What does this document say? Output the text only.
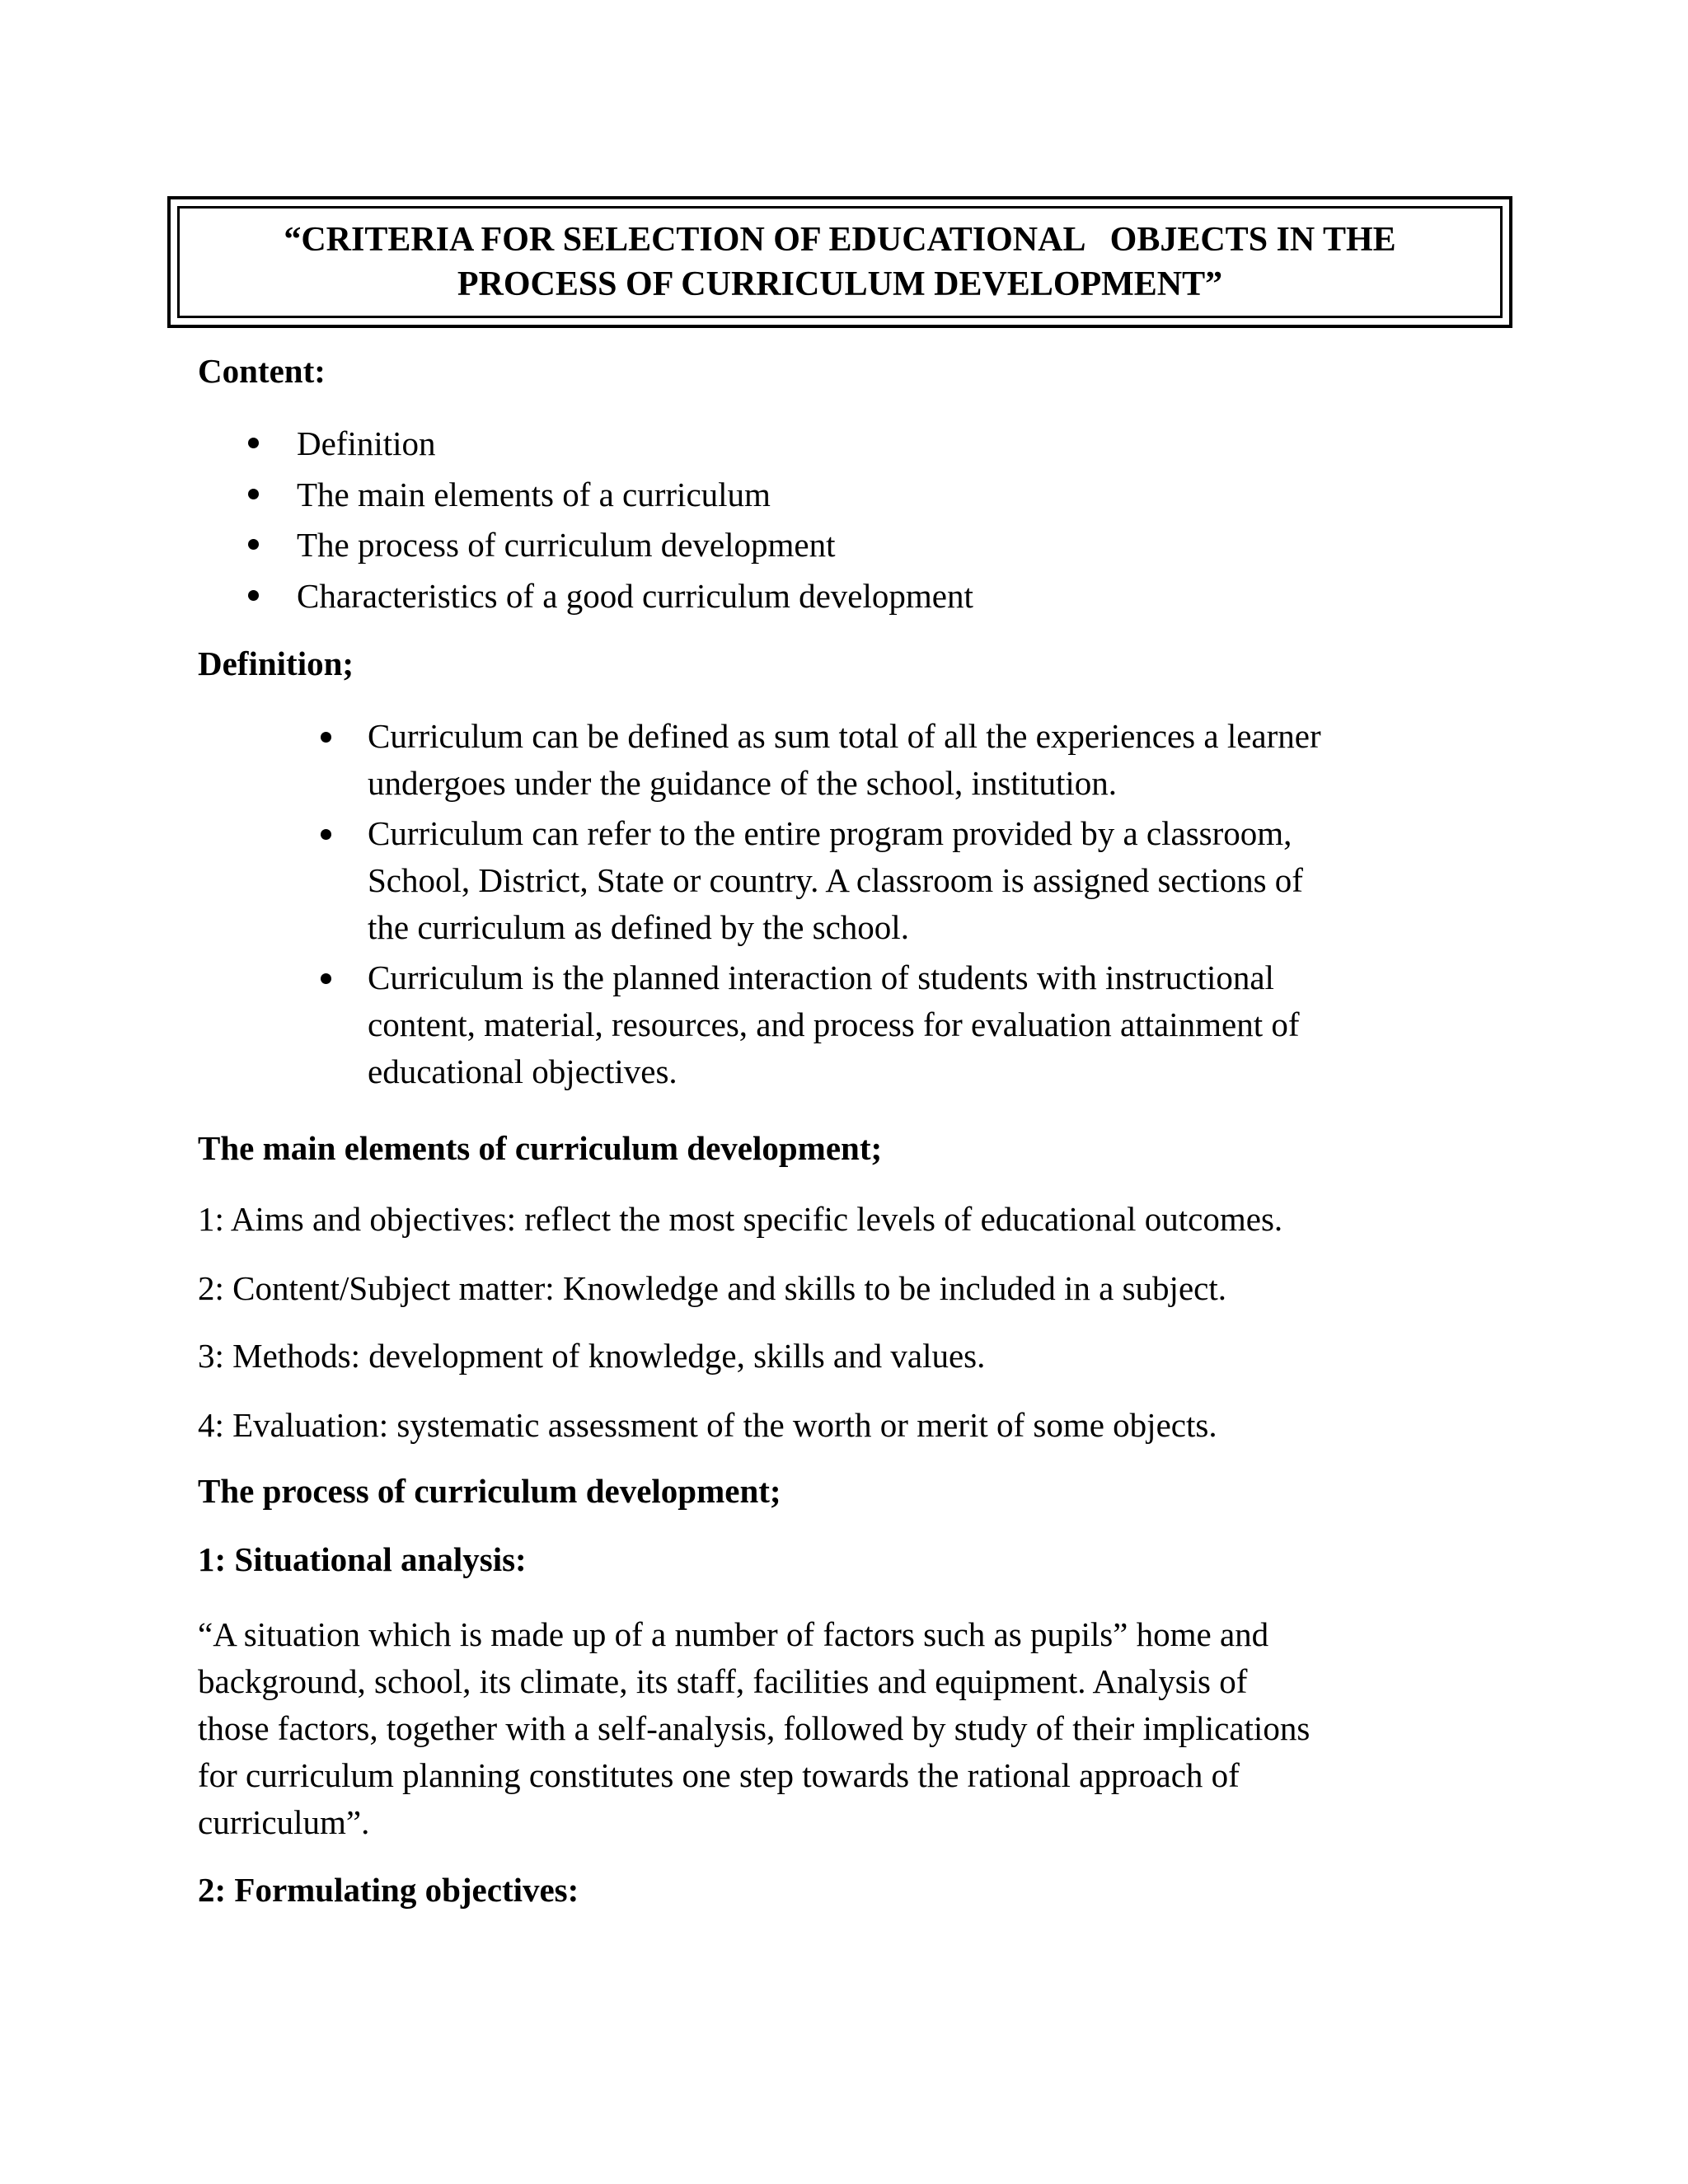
“CRITERIA FOR SELECTION OF EDUCATIONAL   OBJECTS IN THE
PROCESS OF CURRICULUM DEVELOPMENT”
Content:
Definition
The main elements of a curriculum
The process of curriculum development
Characteristics of a good curriculum development
Definition;
Curriculum can be defined as sum total of all the experiences a learner
undergoes under the guidance of the school, institution.
Curriculum can refer to the entire program provided by a classroom,
School, District, State or country. A classroom is assigned sections of
the curriculum as defined by the school.
Curriculum is the planned interaction of students with instructional
content, material, resources, and process for evaluation attainment of
educational objectives.
The main elements of curriculum development;
1: Aims and objectives: reflect the most specific levels of educational outcomes.
2: Content/Subject matter: Knowledge and skills to be included in a subject.
3: Methods: development of knowledge, skills and values.
4: Evaluation: systematic assessment of the worth or merit of some objects.
The process of curriculum development;
1: Situational analysis:
“A situation which is made up of a number of factors such as pupils” home and
background, school, its climate, its staff, facilities and equipment. Analysis of
those factors, together with a self-analysis, followed by study of their implications
for curriculum planning constitutes one step towards the rational approach of
curriculum”.
2: Formulating objectives:
